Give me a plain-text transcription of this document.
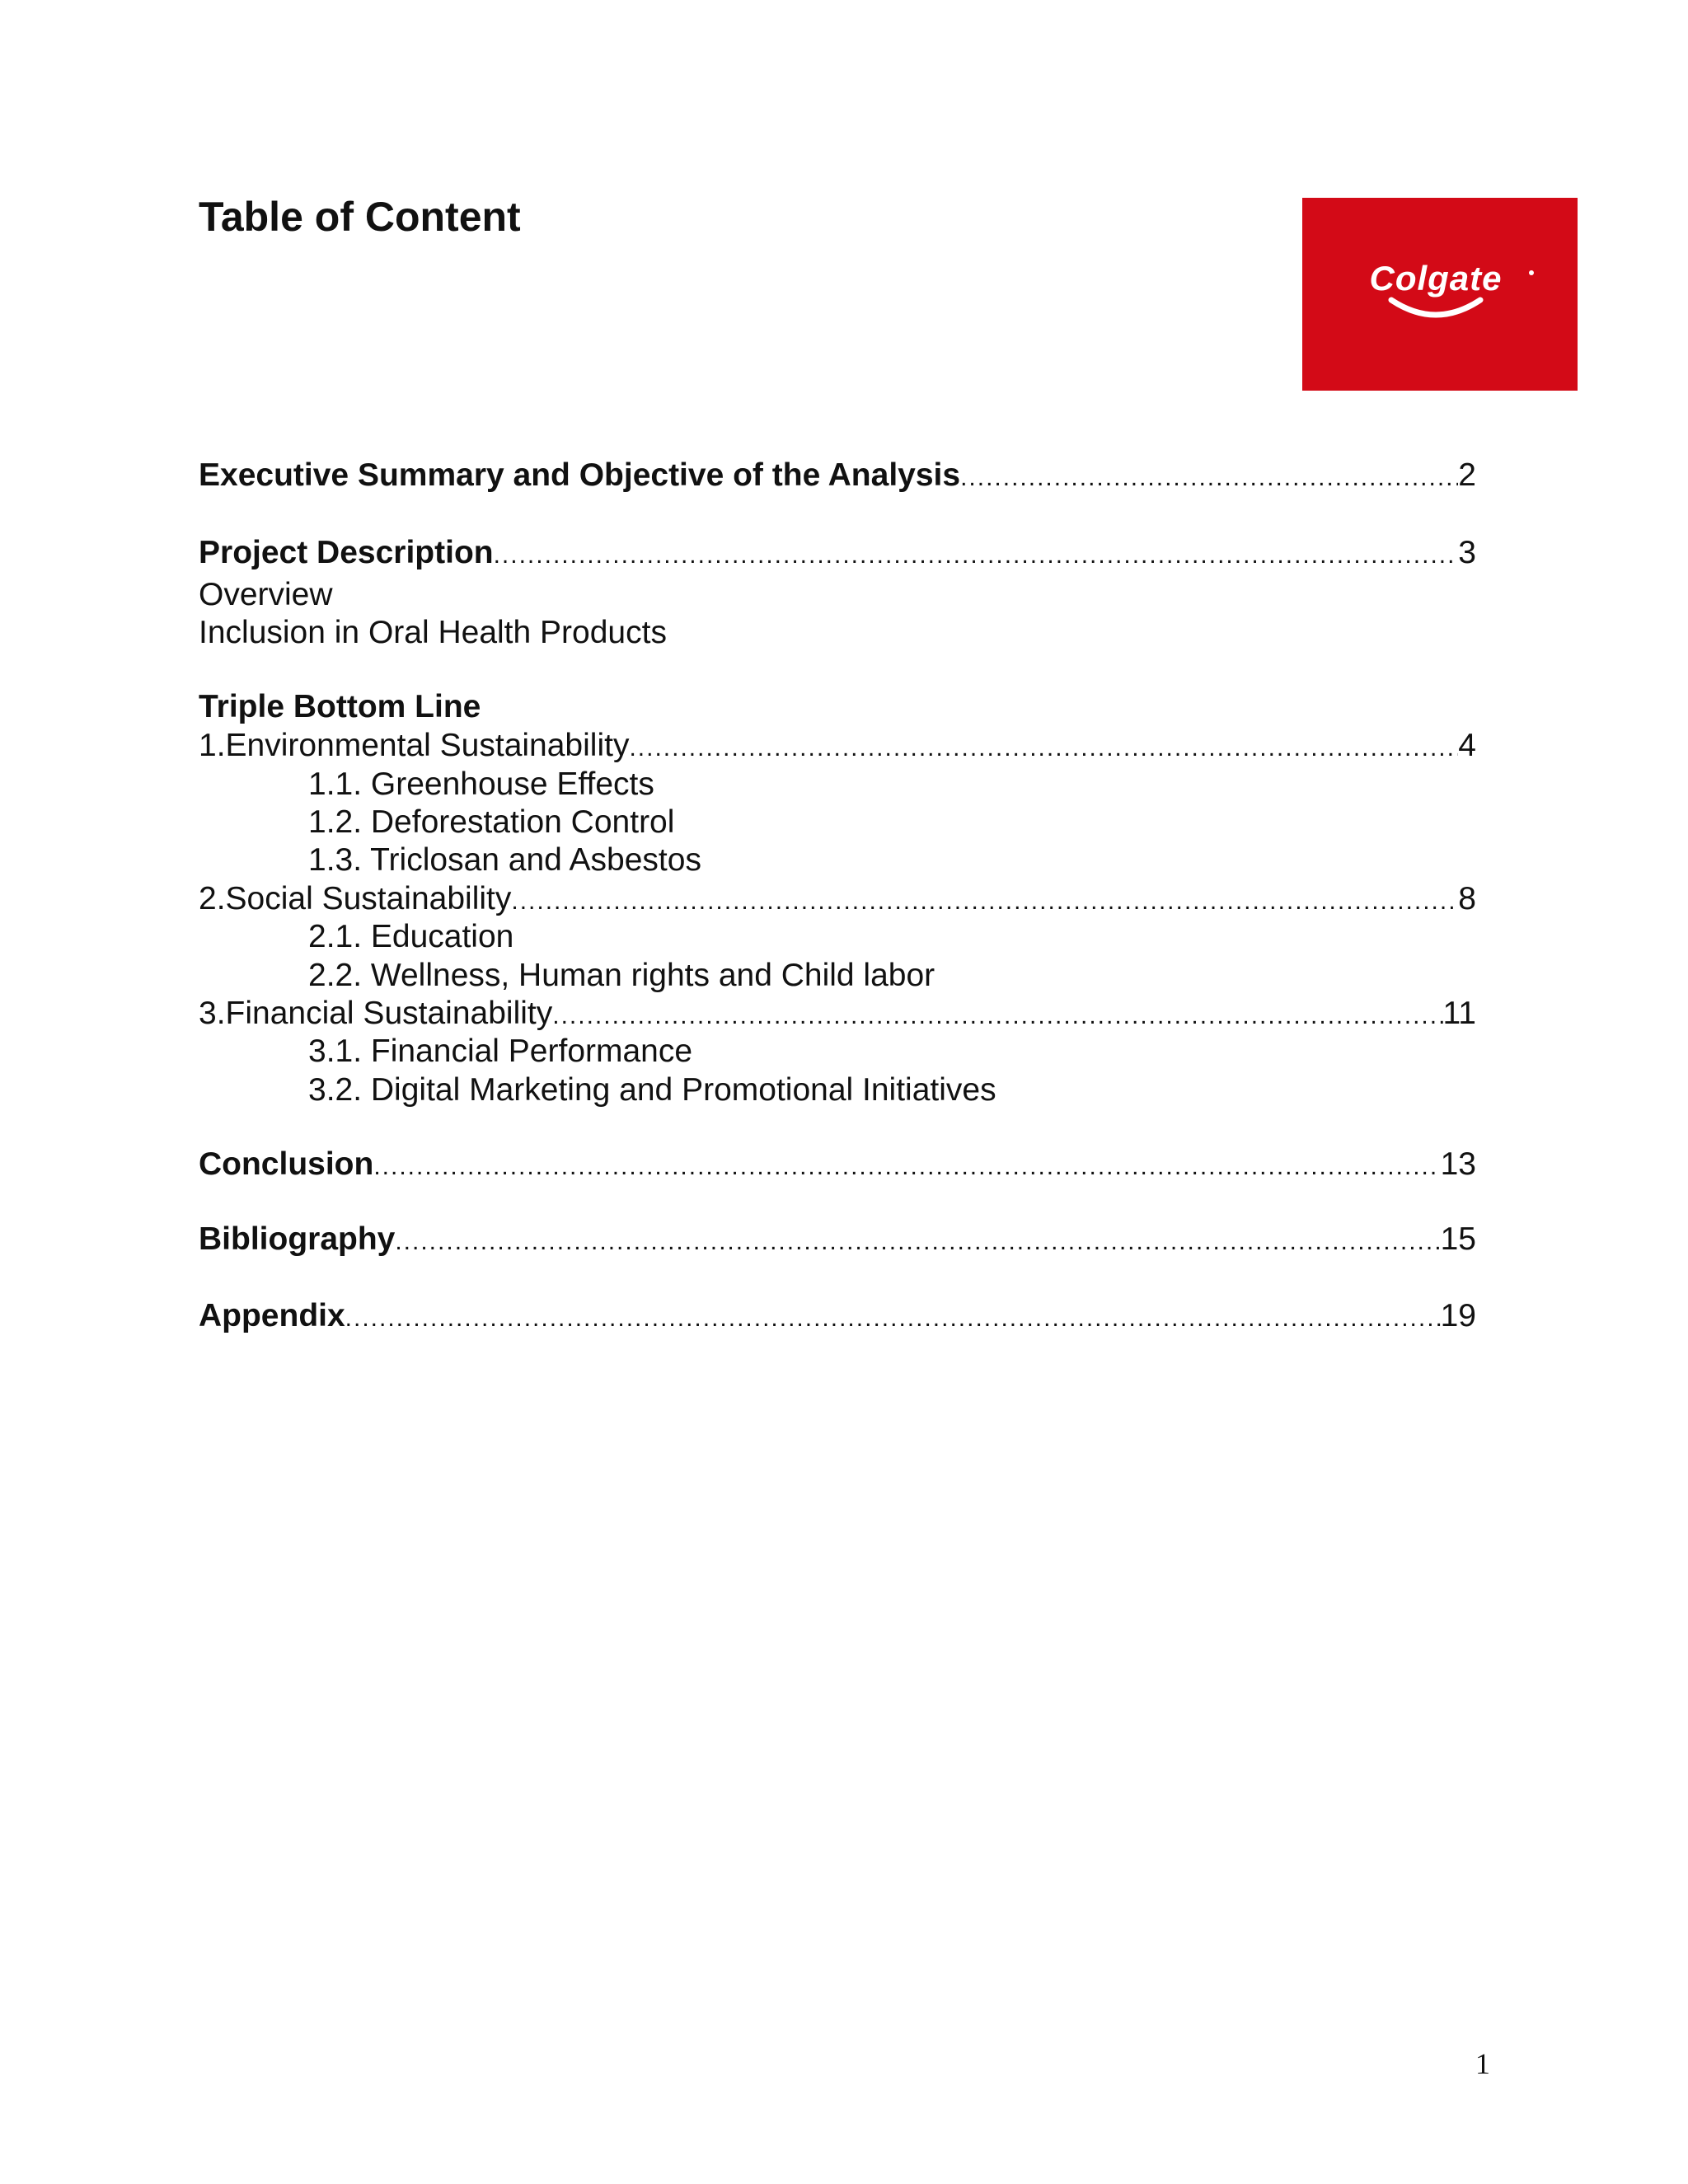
Table of Content
Colgate
Executive Summary and Objective of the Analysis .....	2
Project Description .....	3
Overview
Inclusion in Oral Health Products
Triple Bottom Line
1.Environmental Sustainability .....	4
1.1. Greenhouse Effects
1.2. Deforestation Control
1.3. Triclosan and Asbestos
2.Social Sustainability .....	8
2.1. Education
2.2. Wellness, Human rights and Child labor
3.Financial Sustainability .....	11
3.1. Financial Performance
3.2. Digital Marketing and Promotional Initiatives
Conclusion .....	13
Bibliography .....	15
Appendix .....	19
1
